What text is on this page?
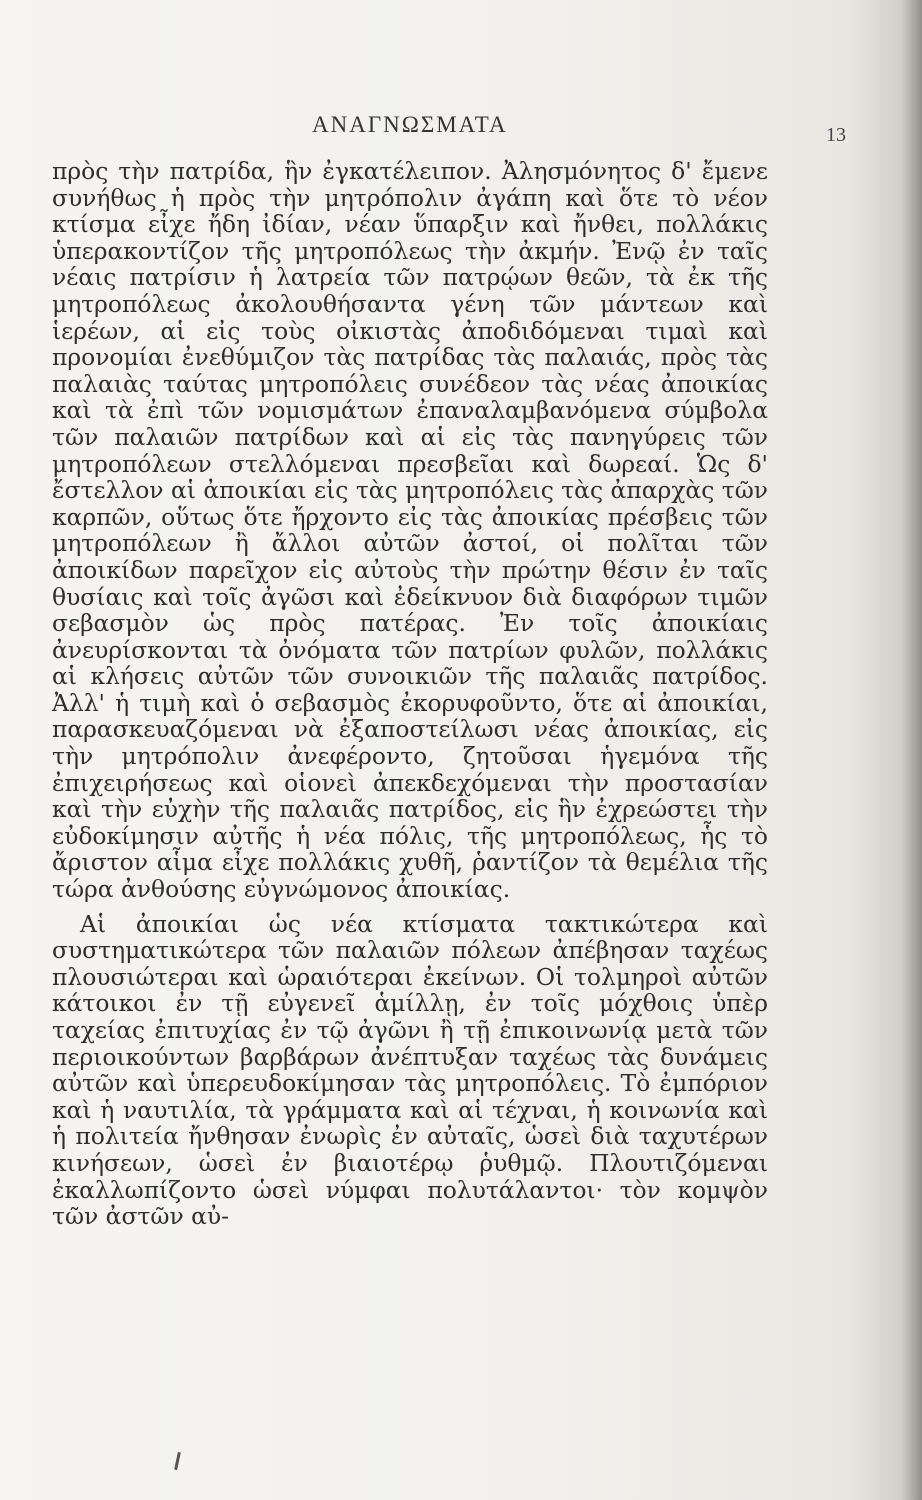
ΑΝΑΓΝΩΣΜΑΤΑ	13

πρὸς τὴν πατρίδα, ἣν ἐγκατέλειπον. Ἀλησμόνητος δ' ἔμενε συνήθως ἡ πρὸς τὴν μητρόπολιν ἀγάπη καὶ ὅτε τὸ νέον κτίσμα εἶχε ἤδη ἰδίαν, νέαν ὕπαρξιν καὶ ἤνθει, πολλάκις ὑπερακοντίζον τῆς μητροπόλεως τὴν ἀκμήν. Ἐνῷ ἐν ταῖς νέαις πατρίσιν ἡ λατρεία τῶν πατρῴων θεῶν, τὰ ἐκ τῆς μητροπόλεως ἀκολουθήσαντα γένη τῶν μάντεων καὶ ἱερέων, αἱ εἰς τοὺς οἰκιστὰς ἀποδιδόμεναι τιμαὶ καὶ προνομίαι ἐνεθύμιζον τὰς πατρίδας τὰς παλαιάς, πρὸς τὰς παλαιὰς ταύτας μητροπόλεις συνέδεον τὰς νέας ἀποικίας καὶ τὰ ἐπὶ τῶν νομισμάτων ἐπαναλαμβανόμενα σύμβολα τῶν παλαιῶν πατρίδων καὶ αἱ εἰς τὰς πανηγύρεις τῶν μητροπόλεων στελλόμεναι πρεσβεῖαι καὶ δωρεαί. Ὡς δ' ἔστελλον αἱ ἀποικίαι εἰς τὰς μητροπόλεις τὰς ἀπαρχὰς τῶν καρπῶν, οὕτως ὅτε ἤρχοντο εἰς τὰς ἀποικίας πρέσβεις τῶν μητροπόλεων ἢ ἄλλοι αὐτῶν ἀστοί, οἱ πολῖται τῶν ἀποικίδων παρεῖχον εἰς αὐτοὺς τὴν πρώτην θέσιν ἐν ταῖς θυσίαις καὶ τοῖς ἀγῶσι καὶ ἐδείκνυον διὰ διαφόρων τιμῶν σεβασμὸν ὡς πρὸς πατέρας. Ἐν τοῖς ἀποικίαις ἀνευρίσκονται τὰ ὀνόματα τῶν πατρίων φυλῶν, πολλάκις αἱ κλήσεις αὐτῶν τῶν συνοικιῶν τῆς παλαιᾶς πατρίδος. Ἀλλ' ἡ τιμὴ καὶ ὁ σεβασμὸς ἐκορυφοῦντο, ὅτε αἱ ἀποικίαι, παρασκευαζόμεναι νὰ ἐξαποστείλωσι νέας ἀποικίας, εἰς τὴν μητρόπολιν ἀνεφέροντο, ζητοῦσαι ἡγεμόνα τῆς ἐπιχειρήσεως καὶ οἱονεὶ ἀπεκδεχόμεναι τὴν προστασίαν καὶ τὴν εὐχὴν τῆς παλαιᾶς πατρίδος, εἰς ἣν ἐχρεώστει τὴν εὐδοκίμησιν αὐτῆς ἡ νέα πόλις, τῆς μητροπόλεως, ἧς τὸ ἄριστον αἷμα εἶχε πολλάκις χυθῆ, ῥαντίζον τὰ θεμέλια τῆς τώρα ἀνθούσης εὐγνώμονος ἀποικίας.

Αἱ ἀποικίαι ὡς νέα κτίσματα τακτικώτερα καὶ συστηματικώτερα τῶν παλαιῶν πόλεων ἀπέβησαν ταχέως πλουσιώτεραι καὶ ὡραιότεραι ἐκείνων. Οἱ τολμηροὶ αὐτῶν κάτοικοι ἐν τῇ εὐγενεῖ ἁμίλλῃ, ἐν τοῖς μόχθοις ὑπὲρ ταχείας ἐπιτυχίας ἐν τῷ ἀγῶνι ἢ τῇ ἐπικοινωνίᾳ μετὰ τῶν περιοικούντων βαρβάρων ἀνέπτυξαν ταχέως τὰς δυνάμεις αὐτῶν καὶ ὑπερευδοκίμησαν τὰς μητροπόλεις. Τὸ ἐμπόριον καὶ ἡ ναυτιλία, τὰ γράμματα καὶ αἱ τέχναι, ἡ κοινωνία καὶ ἡ πολιτεία ἤνθησαν ἐνωρὶς ἐν αὐταῖς, ὡσεὶ διὰ ταχυτέρων κινήσεων, ὡσεὶ ἐν βιαιοτέρῳ ῥυθμῷ. Πλουτιζόμεναι ἐκαλλωπίζοντο ὡσεὶ νύμφαι πολυτάλαντοι· τὸν κομψὸν τῶν ἀστῶν αὐ-
